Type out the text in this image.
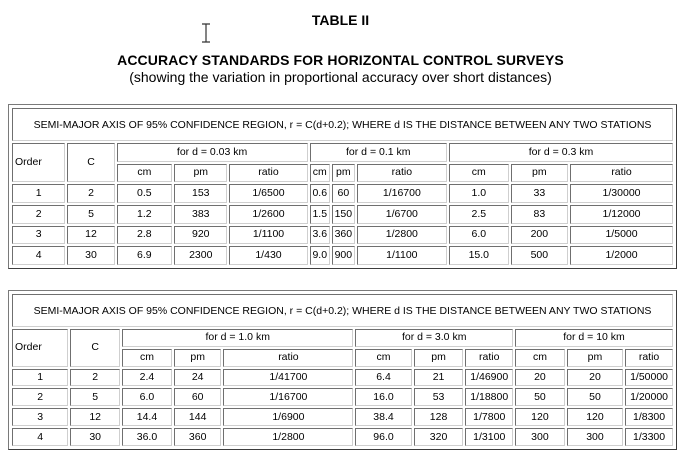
TABLE II
ACCURACY STANDARDS FOR HORIZONTAL CONTROL SURVEYS
(showing the variation in proportional accuracy over short distances)
SEMI-MAJOR AXIS OF 95% CONFIDENCE REGION, r = C(d+0.2); WHERE d IS THE DISTANCE BETWEEN ANY TWO STATIONS										
Order	C	for d = 0.03 km			for d = 0.1 km			for d = 0.3 km		
		cm	pm	ratio	cm	pm	ratio	cm	pm	ratio
1	2	0.5	153	1/6500	0.6	60	1/16700	1.0	33	1/30000
2	5	1.2	383	1/2600	1.5	150	1/6700	2.5	83	1/12000
3	12	2.8	920	1/1100	3.6	360	1/2800	6.0	200	1/5000
4	30	6.9	2300	1/430	9.0	900	1/1100	15.0	500	1/2000
SEMI-MAJOR AXIS OF 95% CONFIDENCE REGION, r = C(d+0.2); WHERE d IS THE DISTANCE BETWEEN ANY TWO STATIONS										
Order	C	for d = 1.0 km			for d = 3.0 km			for d = 10 km		
		cm	pm	ratio	cm	pm	ratio	cm	pm	ratio
1	2	2.4	24	1/41700	6.4	21	1/46900	20	20	1/50000
2	5	6.0	60	1/16700	16.0	53	1/18800	50	50	1/20000
3	12	14.4	144	1/6900	38.4	128	1/7800	120	120	1/8300
4	30	36.0	360	1/2800	96.0	320	1/3100	300	300	1/3300
